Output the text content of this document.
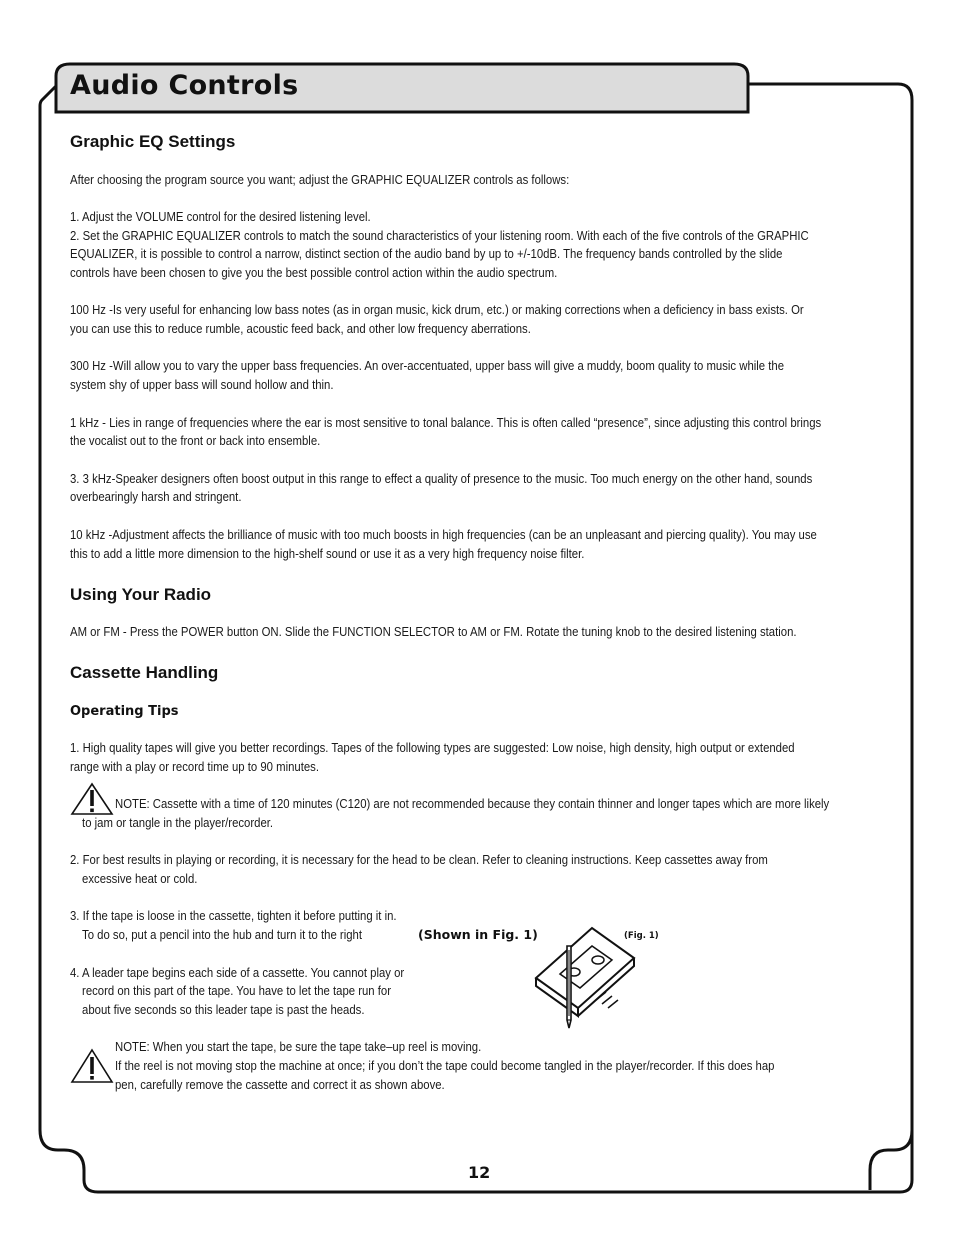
Audio Controls
Graphic EQ Settings

After choosing the program source you want; adjust the GRAPHIC EQUALIZER controls as follows:

1. Adjust the VOLUME control for the desired listening level.

2. Set the GRAPHIC EQUALIZER controls to match the sound characteristics of your listening room. With each of the five controls of the GRAPHIC

EQUALIZER, it is possible to control a narrow, distinct section of the audio band by up to +/-10dB. The frequency bands controlled by the slide

controls have been chosen to give you the best possible control action within the audio spectrum.

100 Hz -Is very useful for enhancing low bass notes (as in organ music, kick drum, etc.) or making corrections when a deficiency in bass exists. Or

you can use this to reduce rumble, acoustic feed back, and other low frequency aberrations.

300 Hz -Will allow you to vary the upper bass frequencies. An over-accentuated, upper bass will give a muddy, boom quality to music while the

system shy of upper bass will sound hollow and thin.

1 kHz - Lies in range of frequencies where the ear is most sensitive to tonal balance. This is often called “presence”, since adjusting this control brings

the vocalist out to the front or back into ensemble.

3. 3 kHz-Speaker designers often boost output in this range to effect a quality of presence to the music. Too much energy on the other hand, sounds

overbearingly harsh and stringent.

10 kHz -Adjustment affects the brilliance of music with too much boosts in high frequencies (can be an unpleasant and piercing quality). You may use

this to add a little more dimension to the high-shelf sound or use it as a very high frequency noise filter.

Using Your Radio

AM or FM - Press the POWER button ON. Slide the FUNCTION SELECTOR to AM or FM. Rotate the tuning knob to the desired listening station.

Cassette Handling
Operating Tips

1. High quality tapes will give you better recordings. Tapes of the following types are suggested: Low noise, high density, high output or extended

range with a play or record time up to 90 minutes.

NOTE: Cassette with a time of 120 minutes (C120) are not recommended because they contain thinner and longer tapes which are more likely

to jam or tangle in the player/recorder.

2. For best results in playing or recording, it is necessary for the head to be clean. Refer to cleaning instructions. Keep cassettes away from

excessive heat or cold.

3. If the tape is loose in the cassette, tighten it before putting it in.

To do so, put a pencil into the hub and turn it to the right	(Shown in Fig. 1)

4. A leader tape begins each side of a cassette. You cannot play or

record on this part of the tape. You have to let the tape run for

about five seconds so this leader tape is past the heads.

NOTE: When you start the tape, be sure the tape take–up reel is moving.

If the reel is not moving stop the machine at once; if you don’t the tape could become tangled in the player/recorder. If this does hap

pen, carefully remove the cassette and correct it as shown above.

(Fig. 1)
12
